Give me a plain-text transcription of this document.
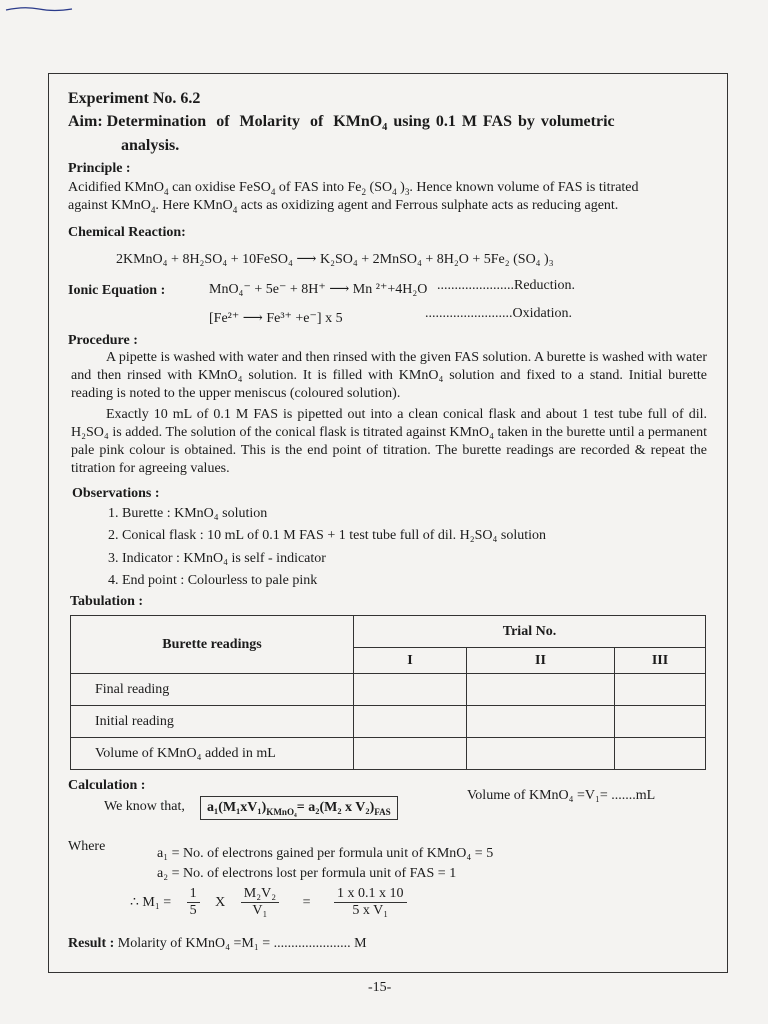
Experiment No. 6.2
Aim: Determination of Molarity of KMnO$_4$ using 0.1 M FAS by volumetric
analysis.
Principle :
Acidified KMnO$_4$ can oxidise FeSO$_4$ of FAS into $Fe_2$ ($SO_4$ )$_3$. Hence known volume of FAS is titrated
against KMnO$_4$. Here KMnO$_4$ acts as oxidizing agent and Ferrous sulphate acts as reducing agent.
Chemical Reaction:
2KMnO₄ + 8H₂SO₄ + 10FeSO₄ ⟶ K₂SO₄ + 2MnSO₄ + 8H₂O + 5Fe₂ (SO₄ )₃
Ionic Equation :	MnO₄⁻ + 5e⁻ + 8H⁺ ⟶ Mn ²⁺+4H₂O ......................Reduction.
[Fe²⁺ ⟶ Fe³⁺ +e⁻] x 5	.........................Oxidation.
Procedure :
A pipette is washed with water and then rinsed with the given FAS solution. A burette is washed with water and then rinsed with KMnO₄ solution. It is filled with KMnO₄ solution and fixed to a stand. Initial burette reading is noted to the upper meniscus (coloured solution).
Exactly 10 mL of 0.1 M FAS is pipetted out into a clean conical flask and about 1 test tube full of dil. H₂SO₄ is added. The solution of the conical flask is titrated against KMnO₄ taken in the burette until a permanent pale pink colour is obtained. This is the end point of titration. The burette readings are recorded & repeat the titration for agreeing values.
Observations :
1. Burette : KMnO₄ solution
2. Conical flask : 10 mL of 0.1 M FAS + 1 test tube full of dil. H₂SO₄ solution
3. Indicator : KMnO₄ is self - indicator
4. End point : Colourless to pale pink
Tabulation :
Burette readings	Trial No.		
	I	II	III
Final reading			
Initial reading			
Volume of KMnO₄ added in mL			
Calculation :
We know that,	$a_1(M_1xV_1)_{KMnO_4}= a_2(M_2$ x $V_2)_{FAS}$
Volume of KMnO₄ =V₁= .......mL
Where	a₁ = No. of electrons gained per formula unit of KMnO₄ = 5
a₂ = No. of electrons lost per formula unit of FAS = 1
∴ $M_1 = \frac{1}{5}$ X $\frac{\text{M₂V₂}}{\text{V₁}} = \frac{1 x 0.1 x 10}{\text{5 x V₁}}$
Result : Molarity of KMnO₄ =M₁ = ...................... M
-15-
